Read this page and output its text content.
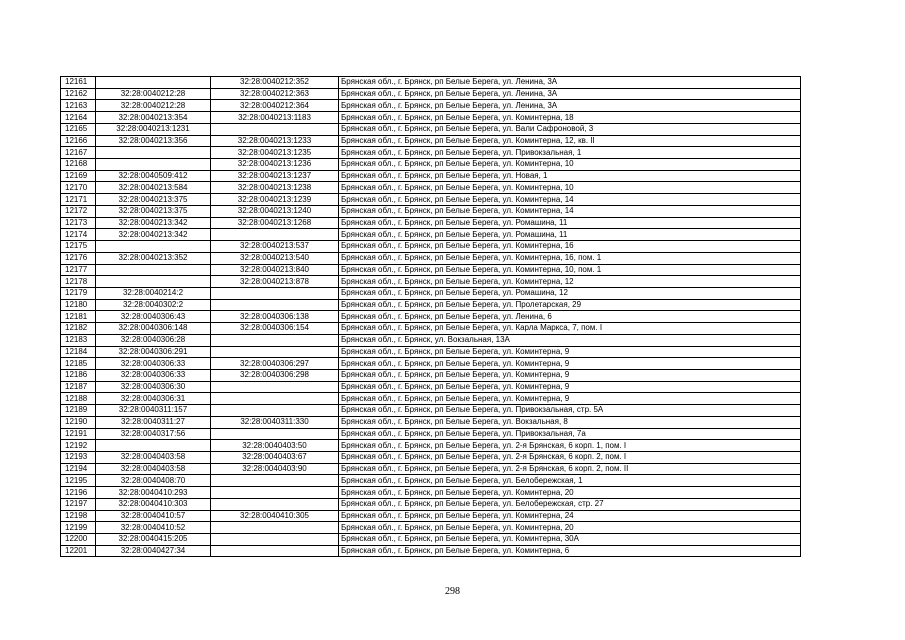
12161		32:28:0040212:352	Брянская обл., г. Брянск, рп Белые Берега, ул. Ленина, 3А
12162	32:28:0040212:28	32:28:0040212:363	Брянская обл., г. Брянск, рп Белые Берега, ул. Ленина, 3А
12163	32:28:0040212:28	32:28:0040212:364	Брянская обл., г. Брянск, рп Белые Берега, ул. Ленина, 3А
12164	32:28:0040213:354	32:28:0040213:1183	Брянская обл., г. Брянск, рп Белые Берега, ул. Коминтерна, 18
12165	32:28:0040213:1231		Брянская обл., г. Брянск, рп Белые Берега, ул. Вали Сафроновой, 3
12166	32:28:0040213:356	32:28:0040213:1233	Брянская обл., г. Брянск, рп Белые Берега, ул. Коминтерна, 12, кв. II
12167		32:28:0040213:1235	Брянская обл., г. Брянск, рп Белые Берега, ул. Привокзальная, 1
12168		32:28:0040213:1236	Брянская обл., г. Брянск, рп Белые Берега, ул. Коминтерна, 10
12169	32:28:0040509:412	32:28:0040213:1237	Брянская обл., г. Брянск, рп Белые Берега, ул. Новая, 1
12170	32:28:0040213:584	32:28:0040213:1238	Брянская обл., г. Брянск, рп Белые Берега, ул. Коминтерна, 10
12171	32:28:0040213:375	32:28:0040213:1239	Брянская обл., г. Брянск, рп Белые Берега, ул. Коминтерна, 14
12172	32:28:0040213:375	32:28:0040213:1240	Брянская обл., г. Брянск, рп Белые Берега, ул. Коминтерна, 14
12173	32:28:0040213:342	32:28:0040213:1268	Брянская обл., г. Брянск, рп Белые Берега, ул. Ромашина, 11
12174	32:28:0040213:342		Брянская обл., г. Брянск, рп Белые Берега, ул. Ромашина, 11
12175		32:28:0040213:537	Брянская обл., г. Брянск, рп Белые Берега, ул. Коминтерна, 16
12176	32:28:0040213:352	32:28:0040213:540	Брянская обл., г. Брянск, рп Белые Берега, ул. Коминтерна, 16, пом. 1
12177		32:28:0040213:840	Брянская обл., г. Брянск, рп Белые Берега, ул. Коминтерна, 10, пом. 1
12178		32:28:0040213:878	Брянская обл., г. Брянск, рп Белые Берега, ул. Коминтерна, 12
12179	32:28:0040214:2		Брянская обл., г. Брянск, рп Белые Берега, ул. Ромашина, 12
12180	32:28:0040302:2		Брянская обл., г. Брянск, рп Белые Берега, ул. Пролетарская, 29
12181	32:28:0040306:43	32:28:0040306:138	Брянская обл., г. Брянск, рп Белые Берега, ул. Ленина, 6
12182	32:28:0040306:148	32:28:0040306:154	Брянская обл., г. Брянск, рп Белые Берега, ул. Карла Маркса, 7, пом. I
12183	32:28:0040306:28		Брянская обл., г. Брянск, ул. Вокзальная, 13А
12184	32:28:0040306:291		Брянская обл., г. Брянск, рп Белые Берега, ул. Коминтерна, 9
12185	32:28:0040306:33	32:28:0040306:297	Брянская обл., г. Брянск, рп Белые Берега, ул. Коминтерна, 9
12186	32:28:0040306:33	32:28:0040306:298	Брянская обл., г. Брянск, рп Белые Берега, ул. Коминтерна, 9
12187	32:28:0040306:30		Брянская обл., г. Брянск, рп Белые Берега, ул. Коминтерна, 9
12188	32:28:0040306:31		Брянская обл., г. Брянск, рп Белые Берега, ул. Коминтерна, 9
12189	32:28:0040311:157		Брянская обл., г. Брянск, рп Белые Берега, ул. Привокзальная, стр. 5А
12190	32:28:0040311:27	32:28:0040311:330	Брянская обл., г. Брянск, рп Белые Берега, ул. Вокзальная, 8
12191	32:28:0040317:56		Брянская обл., г. Брянск, рп Белые Берега, ул. Привокзальная, 7а
12192		32:28:0040403:50	Брянская обл., г. Брянск, рп Белые Берега, ул. 2-я Брянская, 6 корп. 1, пом. I
12193	32:28:0040403:58	32:28:0040403:67	Брянская обл., г. Брянск, рп Белые Берега, ул. 2-я Брянская, 6 корп. 2, пом. I
12194	32:28:0040403:58	32:28:0040403:90	Брянская обл., г. Брянск, рп Белые Берега, ул. 2-я Брянская, 6 корп. 2, пом. II
12195	32:28:0040408:70		Брянская обл., г. Брянск, рп Белые Берега, ул. Белобережская, 1
12196	32:28:0040410:293		Брянская обл., г. Брянск, рп Белые Берега, ул. Коминтерна, 20
12197	32:28:0040410:303		Брянская обл., г. Брянск, рп Белые Берега, ул. Белобережская, стр. 27
12198	32:28:0040410:57	32:28:0040410:305	Брянская обл., г. Брянск, рп Белые Берега, ул. Коминтерна, 24
12199	32:28:0040410:52		Брянская обл., г. Брянск, рп Белые Берега, ул. Коминтерна, 20
12200	32:28:0040415:205		Брянская обл., г. Брянск, рп Белые Берега, ул. Коминтерна, 30А
12201	32:28:0040427:34		Брянская обл., г. Брянск, рп Белые Берега, ул. Коминтерна, 6
298
